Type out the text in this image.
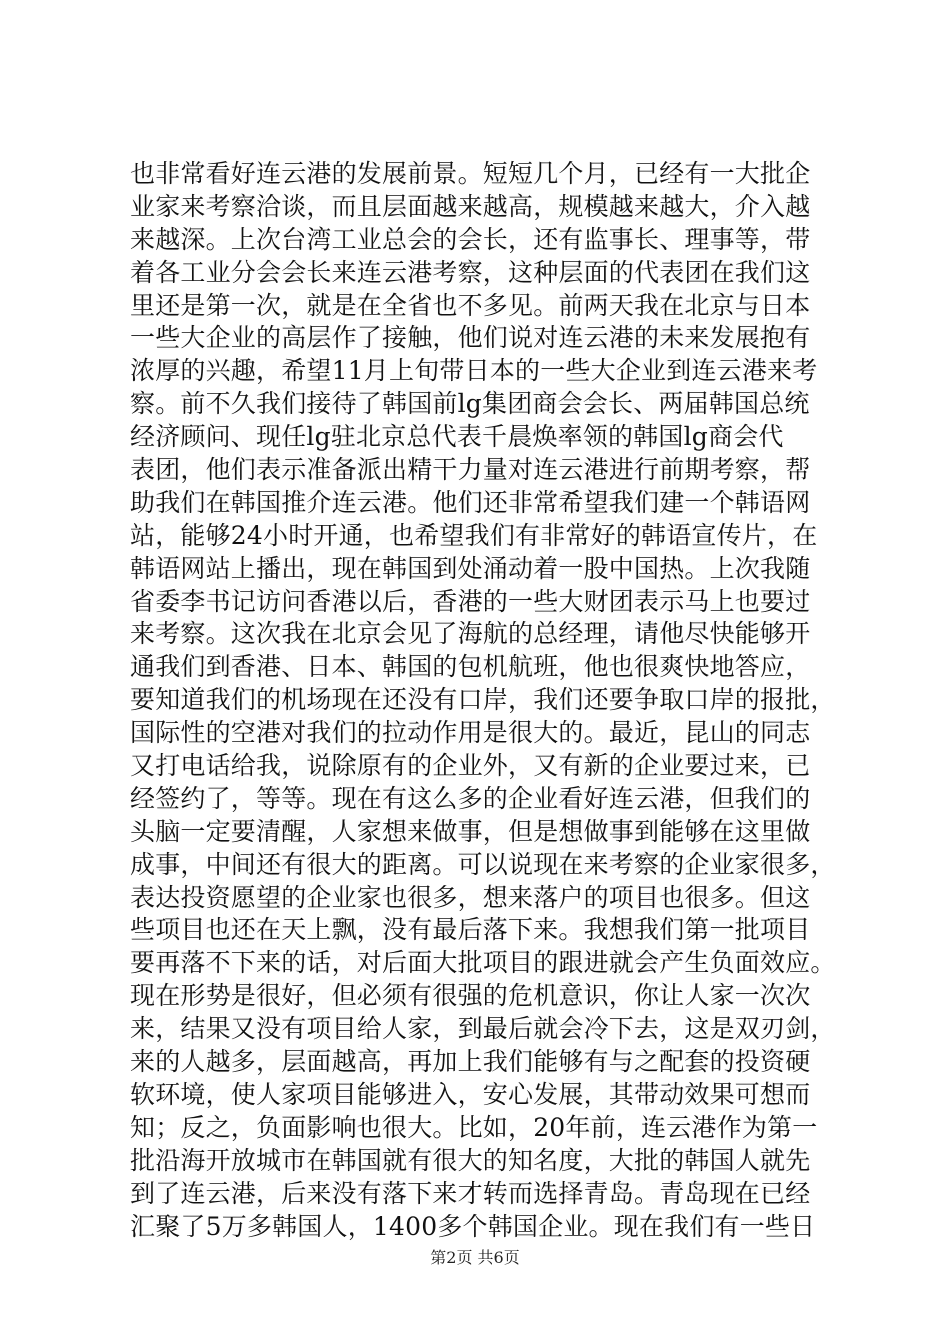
也非常看好连云港的发展前景。短短几个月，已经有一大批企
业家来考察洽谈，而且层面越来越高，规模越来越大，介入越
来越深。上次台湾工业总会的会长，还有监事长、理事等，带
着各工业分会会长来连云港考察，这种层面的代表团在我们这
里还是第一次，就是在全省也不多见。前两天我在北京与日本
一些大企业的高层作了接触，他们说对连云港的未来发展抱有
浓厚的兴趣，希望11月上旬带日本的一些大企业到连云港来考
察。前不久我们接待了韩国前lg集团商会会长、两届韩国总统
经济顾问、现任lg驻北京总代表千晨焕率领的韩国lg商会代
表团，他们表示准备派出精干力量对连云港进行前期考察，帮
助我们在韩国推介连云港。他们还非常希望我们建一个韩语网
站，能够24小时开通，也希望我们有非常好的韩语宣传片，在
韩语网站上播出，现在韩国到处涌动着一股中国热。上次我随
省委李书记访问香港以后，香港的一些大财团表示马上也要过
来考察。这次我在北京会见了海航的总经理，请他尽快能够开
通我们到香港、日本、韩国的包机航班，他也很爽快地答应，
要知道我们的机场现在还没有口岸，我们还要争取口岸的报批，
国际性的空港对我们的拉动作用是很大的。最近，昆山的同志
又打电话给我，说除原有的企业外，又有新的企业要过来，已
经签约了，等等。现在有这么多的企业看好连云港，但我们的
头脑一定要清醒，人家想来做事，但是想做事到能够在这里做
成事，中间还有很大的距离。可以说现在来考察的企业家很多，
表达投资愿望的企业家也很多，想来落户的项目也很多。但这
些项目也还在天上飘，没有最后落下来。我想我们第一批项目
要再落不下来的话，对后面大批项目的跟进就会产生负面效应。
现在形势是很好，但必须有很强的危机意识，你让人家一次次
来，结果又没有项目给人家，到最后就会冷下去，这是双刃剑，
来的人越多，层面越高，再加上我们能够有与之配套的投资硬
软环境，使人家项目能够进入，安心发展，其带动效果可想而
知；反之，负面影响也很大。比如，20年前，连云港作为第一
批沿海开放城市在韩国就有很大的知名度，大批的韩国人就先
到了连云港，后来没有落下来才转而选择青岛。青岛现在已经
汇聚了5万多韩国人，1400多个韩国企业。现在我们有一些日
第2页 共6页
